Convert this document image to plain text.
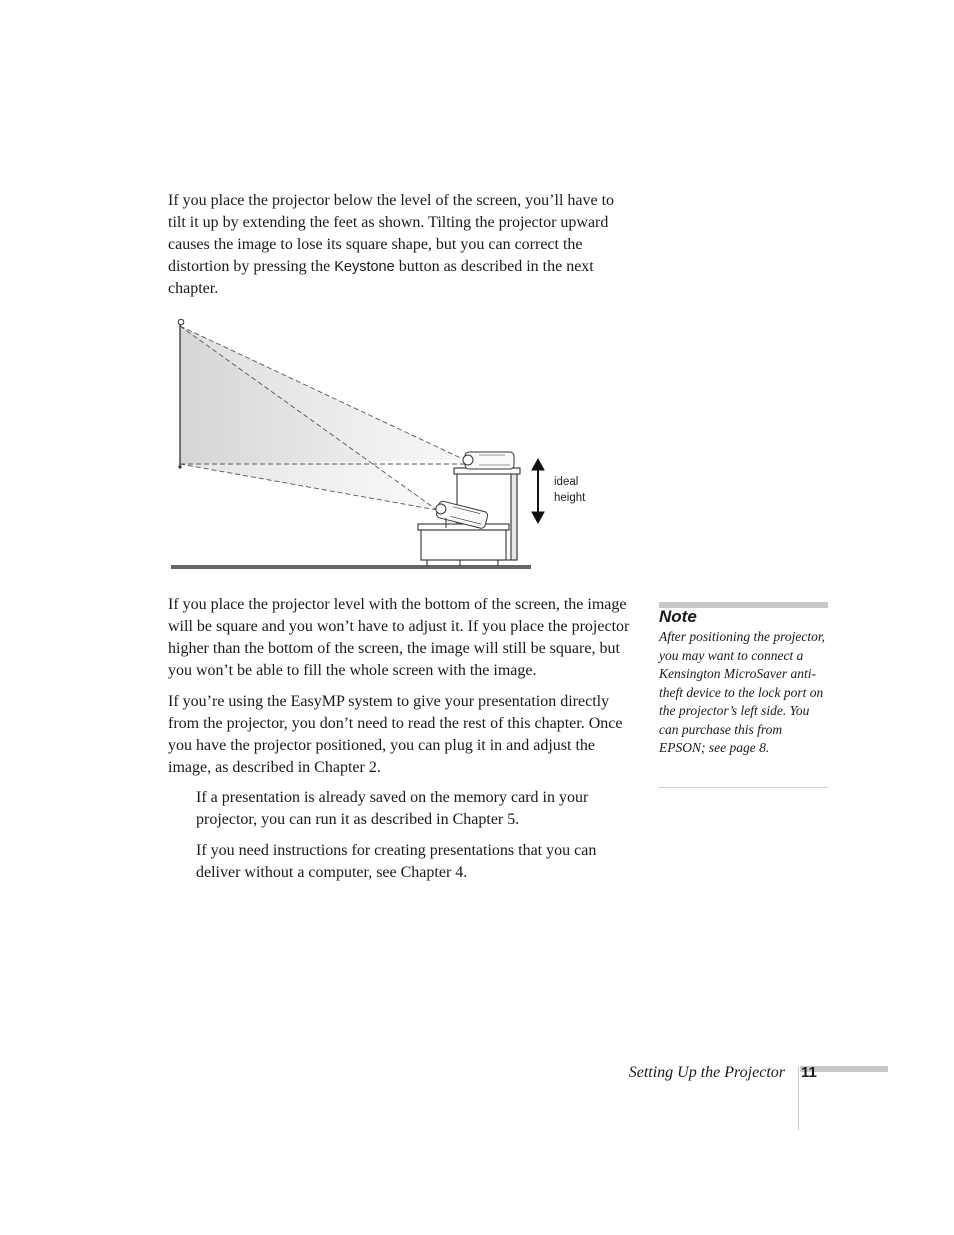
If you place the projector below the level of the screen, you’ll have to tilt it up by extending the feet as shown. Tilting the projector upward causes the image to lose its square shape, but you can correct the distortion by pressing the Keystone button as described in the next chapter.

ideal
height

If you place the projector level with the bottom of the screen, the image will be square and you won’t have to adjust it. If you place the projector higher than the bottom of the screen, the image will still be square, but you won’t be able to fill the whole screen with the image.

If you’re using the EasyMP system to give your presentation directly from the projector, you don’t need to read the rest of this chapter. Once you have the projector positioned, you can plug it in and adjust the image, as described in Chapter 2.

If a presentation is already saved on the memory card in your projector, you can run it as described in Chapter 5.

If you need instructions for creating presentations that you can deliver without a computer, see Chapter 4.

Note

After positioning the projector, you may want to connect a Kensington MicroSaver anti-theft device to the lock port on the projector’s left side. You can purchase this from EPSON; see page 8.

Setting Up the Projector 11
